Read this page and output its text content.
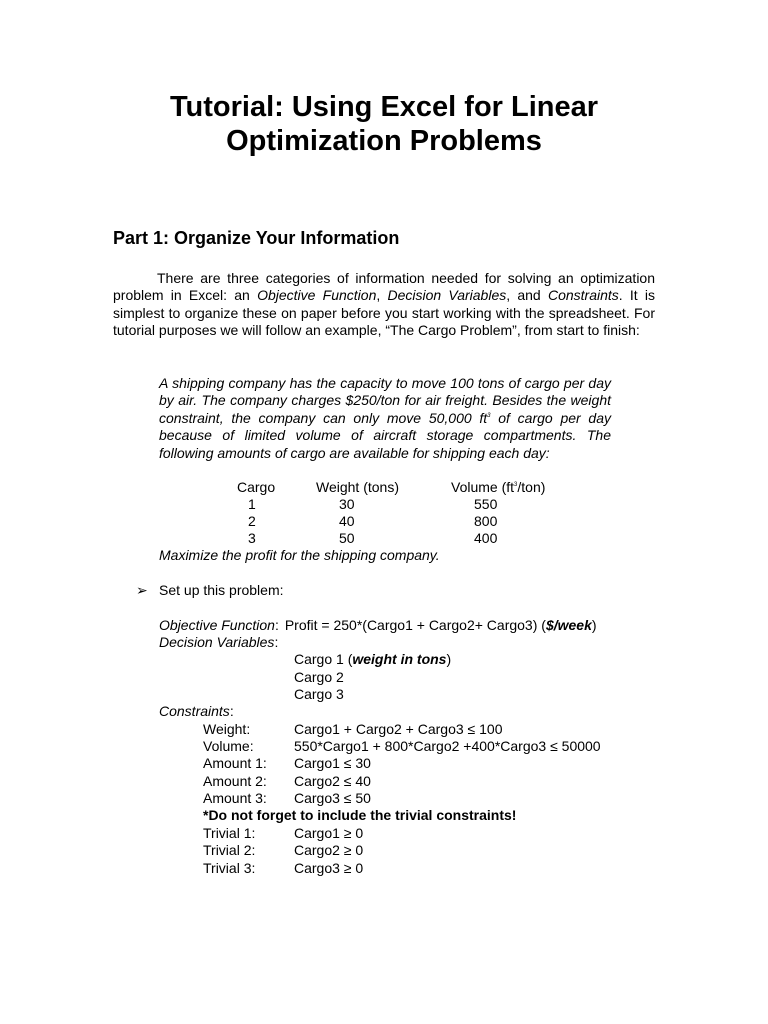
Tutorial: Using Excel for Linear
Optimization Problems
Part 1: Organize Your Information
There are three categories of information needed for solving an optimization problem in Excel: an Objective Function, Decision Variables, and Constraints. It is simplest to organize these on paper before you start working with the spreadsheet. For tutorial purposes we will follow an example, “The Cargo Problem”, from start to finish:
A shipping company has the capacity to move 100 tons of cargo per day by air. The company charges $250/ton for air freight. Besides the weight constraint, the company can only move 50,000 $ft^3$ of cargo per day because of limited volume of aircraft storage compartments. The following amounts of cargo are available for shipping each day:
Cargo	Weight (tons)	Volume $(ft^3/ton)$
1	30	550
2	40	800
3	50	400
Maximize the profit for the shipping company.
➢ Set up this problem:
Objective Function: Profit = 250*(Cargo1 + Cargo2+ Cargo3) ($/week)
Decision Variables:
Cargo 1 (weight in tons)
Cargo 2
Cargo 3
Constraints:
Weight:	Cargo1 + Cargo2 + Cargo3 ≤ 100
Volume:	550*Cargo1 + 800*Cargo2 +400*Cargo3 ≤ 50000
Amount 1: Cargo1 ≤ 30
Amount 2: Cargo2 ≤ 40
Amount 3: Cargo3 ≤ 50
*Do not forget to include the trivial constraints!
Trivial 1:	Cargo1 ≥ 0
Trivial 2:	Cargo2 ≥ 0
Trivial 3:	Cargo3 ≥ 0
